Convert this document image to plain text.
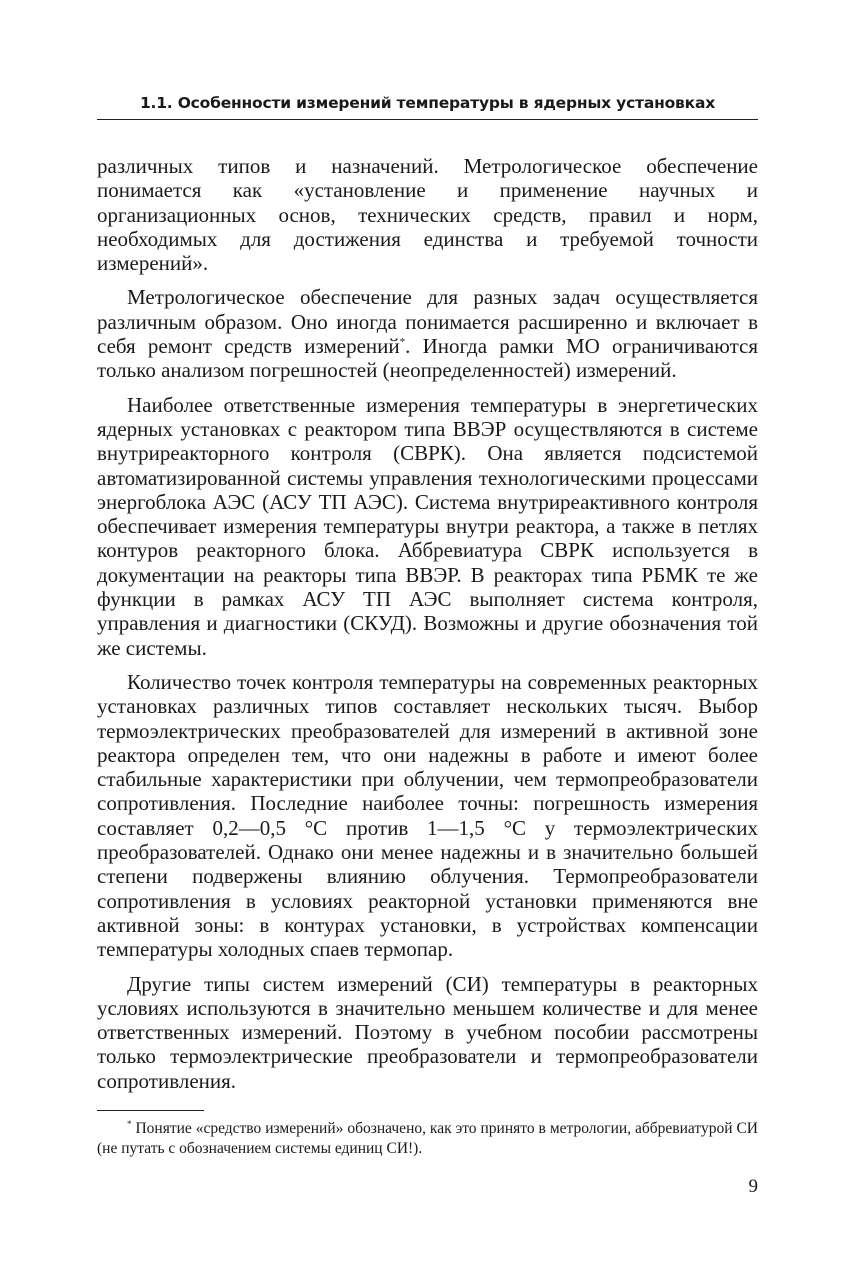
1.1. Особенности измерений температуры в ядерных установках

различных типов и назначений. Метрологическое обеспечение понимается как «установление и применение научных и организационных основ, технических средств, правил и норм, необходимых для достижения единства и требуемой точности измерений».

Метрологическое обеспечение для разных задач осуществляется различным образом. Оно иногда понимается расширенно и включает в себя ремонт средств измерений*. Иногда рамки МО ограничиваются только анализом погрешностей (неопределенностей) измерений.

Наиболее ответственные измерения температуры в энергетических ядерных установках с реактором типа ВВЭР осуществляются в системе внутриреакторного контроля (СВРК). Она является подсистемой автоматизированной системы управления технологическими процессами энергоблока АЭС (АСУ ТП АЭС). Система внутриреактивного контроля обеспечивает измерения температуры внутри реактора, а также в петлях контуров реакторного блока. Аббревиатура СВРК используется в документации на реакторы типа ВВЭР. В реакторах типа РБМК те же функции в рамках АСУ ТП АЭС выполняет система контроля, управления и диагностики (СКУД). Возможны и другие обозначения той же системы.

Количество точек контроля температуры на современных реакторных установках различных типов составляет нескольких тысяч. Выбор термоэлектрических преобразователей для измерений в активной зоне реактора определен тем, что они надежны в работе и имеют более стабильные характеристики при облучении, чем термопреобразователи сопротивления. Последние наиболее точны: погрешность измерения составляет 0,2—0,5 °C против 1—1,5 °C у термоэлектрических преобразователей. Однако они менее надежны и в значительно большей степени подвержены влиянию облучения. Термопреобразователи сопротивления в условиях реакторной установки применяются вне активной зоны: в контурах установки, в устройствах компенсации температуры холодных спаев термопар.

Другие типы систем измерений (СИ) температуры в реакторных условиях используются в значительно меньшем количестве и для менее ответственных измерений. Поэтому в учебном пособии рассмотрены только термоэлектрические преобразователи и термопреобразователи сопротивления.

* Понятие «средство измерений» обозначено, как это принято в метрологии, аббревиатурой СИ (не путать с обозначением системы единиц СИ!).

9
